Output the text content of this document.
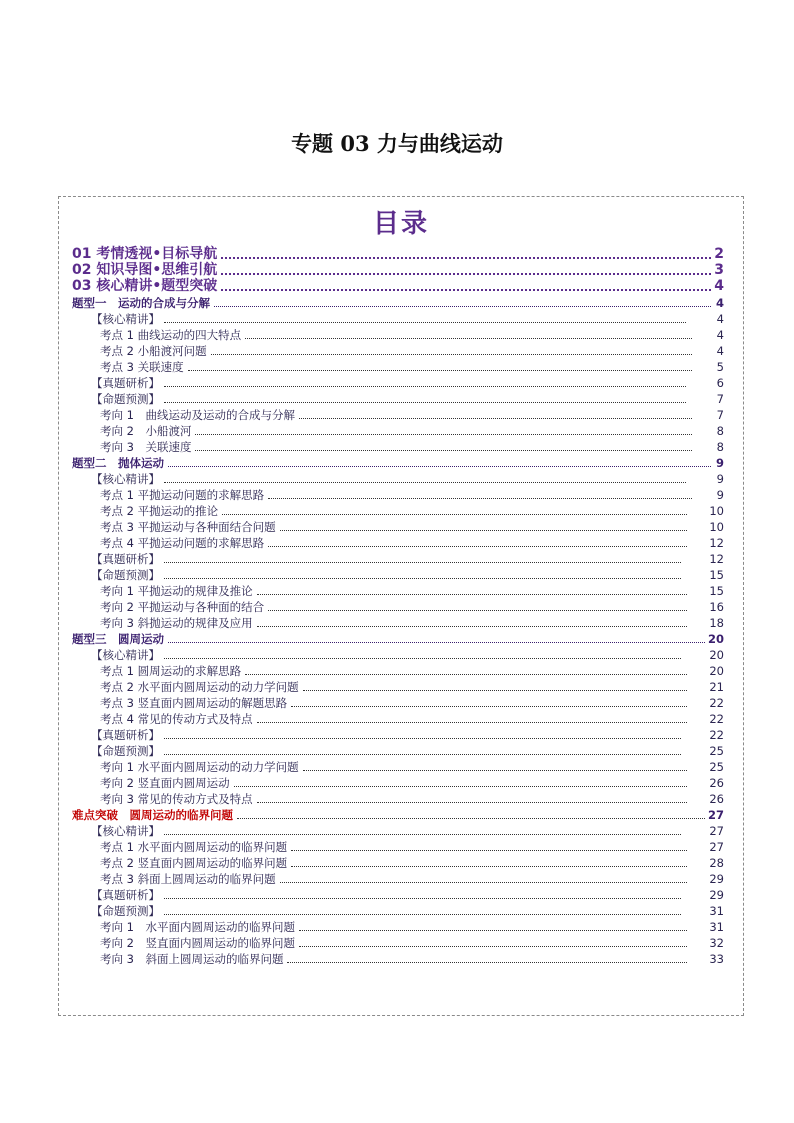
专题 03 力与曲线运动
目录
01 考情透视•目标导航	2
02 知识导图•思维引航	3
03 核心精讲•题型突破	4
题型一　运动的合成与分解	4
【核心精讲】	4
考点 1 曲线运动的四大特点	4
考点 2 小船渡河问题	4
考点 3 关联速度	5
【真题研析】	6
【命题预测】	7
考向 1　曲线运动及运动的合成与分解	7
考向 2　小船渡河	8
考向 3　关联速度	8
题型二　抛体运动	9
【核心精讲】	9
考点 1 平抛运动问题的求解思路	9
考点 2 平抛运动的推论	10
考点 3 平抛运动与各种面结合问题	10
考点 4 平抛运动问题的求解思路	12
【真题研析】	12
【命题预测】	15
考向 1 平抛运动的规律及推论	15
考向 2 平抛运动与各种面的结合	16
考向 3 斜抛运动的规律及应用	18
题型三　圆周运动	20
【核心精讲】	20
考点 1 圆周运动的求解思路	20
考点 2 水平面内圆周运动的动力学问题	21
考点 3 竖直面内圆周运动的解题思路	22
考点 4 常见的传动方式及特点	22
【真题研析】	22
【命题预测】	25
考向 1 水平面内圆周运动的动力学问题	25
考向 2 竖直面内圆周运动	26
考向 3 常见的传动方式及特点	26
难点突破　圆周运动的临界问题	27
【核心精讲】	27
考点 1 水平面内圆周运动的临界问题	27
考点 2 竖直面内圆周运动的临界问题	28
考点 3 斜面上圆周运动的临界问题	29
【真题研析】	29
【命题预测】	31
考向 1　水平面内圆周运动的临界问题	31
考向 2　竖直面内圆周运动的临界问题	32
考向 3　斜面上圆周运动的临界问题	33
